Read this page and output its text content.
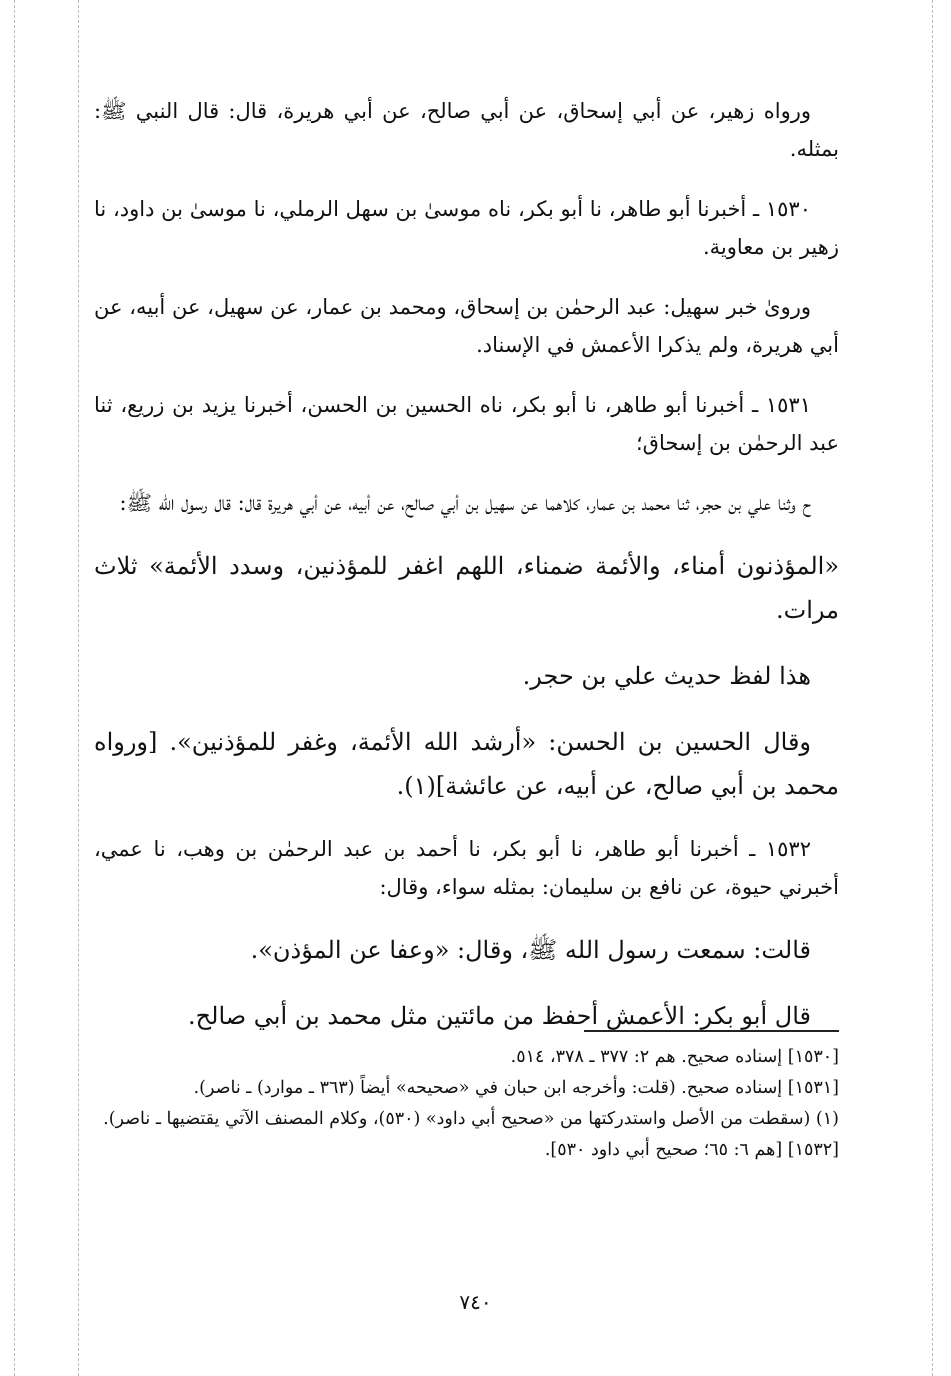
ورواه زهير، عن أبي إسحاق، عن أبي صالح، عن أبي هريرة، قال: قال النبي ﷺ: بمثله.

١٥٣٠ ـ أخبرنا أبو طاهر، نا أبو بكر، ناه موسىٰ بن سهل الرملي، نا موسىٰ بن داود، نا زهير بن معاوية.

ورویٰ خبر سهيل: عبد الرحمٰن بن إسحاق، ومحمد بن عمار، عن سهيل، عن أبيه، عن أبي هريرة، ولم يذكرا الأعمش في الإسناد.

١٥٣١ ـ أخبرنا أبو طاهر، نا أبو بكر، ناه الحسين بن الحسن، أخبرنا يزيد بن زريع، ثنا عبد الرحمٰن بن إسحاق؛

ح وثنا علي بن حجر، ثنا محمد بن عمار، كلاهما عن سهيل بن أبي صالح، عن أبيه، عن أبي هريرة قال: قال رسول الله ﷺ:

«المؤذنون أمناء، والأئمة ضمناء، اللهم اغفر للمؤذنين، وسدد الأئمة» ثلاث مرات.

هذا لفظ حديث علي بن حجر.

وقال الحسين بن الحسن: «أرشد الله الأئمة، وغفر للمؤذنين». [ورواه محمد بن أبي صالح، عن أبيه، عن عائشة](١).

١٥٣٢ ـ أخبرنا أبو طاهر، نا أبو بكر، نا أحمد بن عبد الرحمٰن بن وهب، نا عمي، أخبرني حيوة، عن نافع بن سليمان: بمثله سواء، وقال:

قالت: سمعت رسول الله ﷺ، وقال: «وعفا عن المؤذن».

قال أبو بكر: الأعمش أحفظ من مائتين مثل محمد بن أبي صالح.

[١٥٣٠] إسناده صحيح. هم ٢: ٣٧٧ ـ ٣٧٨، ٥١٤.

[١٥٣١] إسناده صحيح. (قلت: وأخرجه ابن حبان في «صحيحه» أيضاً (٣٦٣ ـ موارد) ـ ناصر).

(١) (سقطت من الأصل واستدركتها من «صحيح أبي داود» (٥٣٠)، وكلام المصنف الآتي يقتضيها ـ ناصر).

[١٥٣٢] [هم ٦: ٦٥؛ صحيح أبي داود ٥٣٠].

٧٤٠
